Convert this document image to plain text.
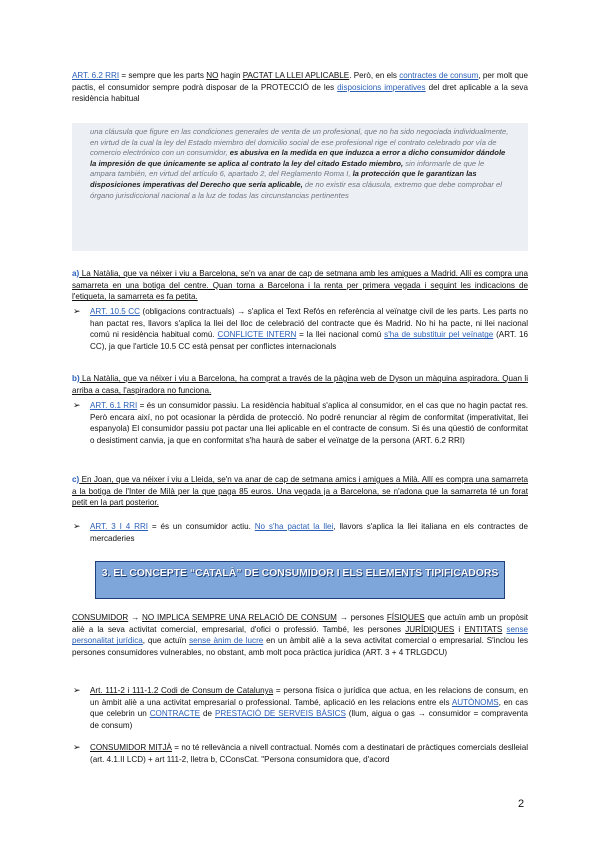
ART. 6.2 RRI = sempre que les parts NO hagin PACTAT LA LLEI APLICABLE. Però, en els contractes de consum, per molt que pactis, el consumidor sempre podrà disposar de la PROTECCIÓ de les disposicions imperatives del dret aplicable a la seva residència habitual
una cláusula que figure en las condiciones generales de venta de un profesional, que no ha sido negociada individualmente, en virtud de la cual la ley del Estado miembro del domicilio social de ese profesional rige el contrato celebrado por vía de comercio electrónico con un consumidor, es abusiva en la medida en que induzca a error a dicho consumidor dándole la impresión de que únicamente se aplica al contrato la ley del citado Estado miembro, sin informarle de que le ampara también, en virtud del artículo 6, apartado 2, del Reglamento Roma I, la protección que le garantizan las disposiciones imperativas del Derecho que sería aplicable, de no existir esa cláusula, extremo que debe comprobar el órgano jurisdiccional nacional a la luz de todas las circunstancias pertinentes
a) La Natàlia, que va néixer i viu a Barcelona, se'n va anar de cap de setmana amb les amigues a Madrid. Allí es compra una samarreta en una botiga del centre. Quan torna a Barcelona i la renta per primera vegada i seguint les indicacions de l'etiqueta, la samarreta es fa petita.
➢ ART. 10.5 CC (obligacions contractuals) → s'aplica el Text Refós en referència al veïnatge civil de les parts. Les parts no han pactat res, llavors s'aplica la llei del lloc de celebració del contracte que és Madrid. No hi ha pacte, ni llei nacional comú ni residència habitual comú. CONFLICTE INTERN = la llei nacional comú s'ha de substituir pel veïnatge (ART. 16 CC), ja que l'article 10.5 CC està pensat per conflictes internacionals
b) La Natàlia, que va néixer i viu a Barcelona, ha comprat a través de la pàgina web de Dyson un màquina aspiradora. Quan li arriba a casa, l'aspiradora no funciona.
➢ ART. 6.1 RRI = és un consumidor passiu. La residència habitual s'aplica al consumidor, en el cas que no hagin pactat res. Però encara així, no pot ocasionar la pèrdida de protecció. No podré renunciar al règim de conformitat (imperativitat, llei espanyola) El consumidor passiu pot pactar una llei aplicable en el contracte de consum. Si és una qüestió de conformitat o desistiment canvia, ja que en conformitat s'ha haurà de saber el veïnatge de la persona (ART. 6.2 RRI)
c) En Joan, que va néixer i viu a Lleida, se'n va anar de cap de setmana amics i amigues a Milà. Allí es compra una samarreta a la botiga de l'Inter de Milà per la que paga 85 euros. Una vegada ja a Barcelona, se n'adona que la samarreta té un forat petit en la part posterior.
➢ ART. 3 I 4 RRI = és un consumidor actiu. No s'ha pactat la llei, llavors s'aplica la llei italiana en els contractes de mercaderies
3. EL CONCEPTE “CATALÀ” DE CONSUMIDOR I ELS ELEMENTS TIPIFICADORS
CONSUMIDOR → NO IMPLICA SEMPRE UNA RELACIÓ DE CONSUM → persones FÍSIQUES que actuïn amb un propòsit aliè a la seva activitat comercial, empresarial, d'ofici o professió. També, les persones JURÍDIQUES i ENTITATS sense personalitat jurídica, que actuïn sense ànim de lucre en un àmbit aliè a la seva activitat comercial o empresarial. S'inclou les persones consumidores vulnerables, no obstant, amb molt poca pràctica jurídica (ART. 3 + 4 TRLGDCU)
➢ Art. 111-2 i 111-1.2 Codi de Consum de Catalunya = persona física o jurídica que actua, en les relacions de consum, en un àmbit aliè a una activitat empresarial o professional. També, aplicació en les relacions entre els AUTÒNOMS, en cas que celebrin un CONTRACTE de PRESTACIÓ DE SERVEIS BÀSICS (llum, aigua o gas → consumidor = compraventa de consum)
➢ CONSUMIDOR MITJÀ = no té rellevància a nivell contractual. Només com a destinatari de pràctiques comercials deslleial (art. 4.1.II LCD) + art 111-2, lletra b, CConsCat. "Persona consumidora que, d'acord
2
